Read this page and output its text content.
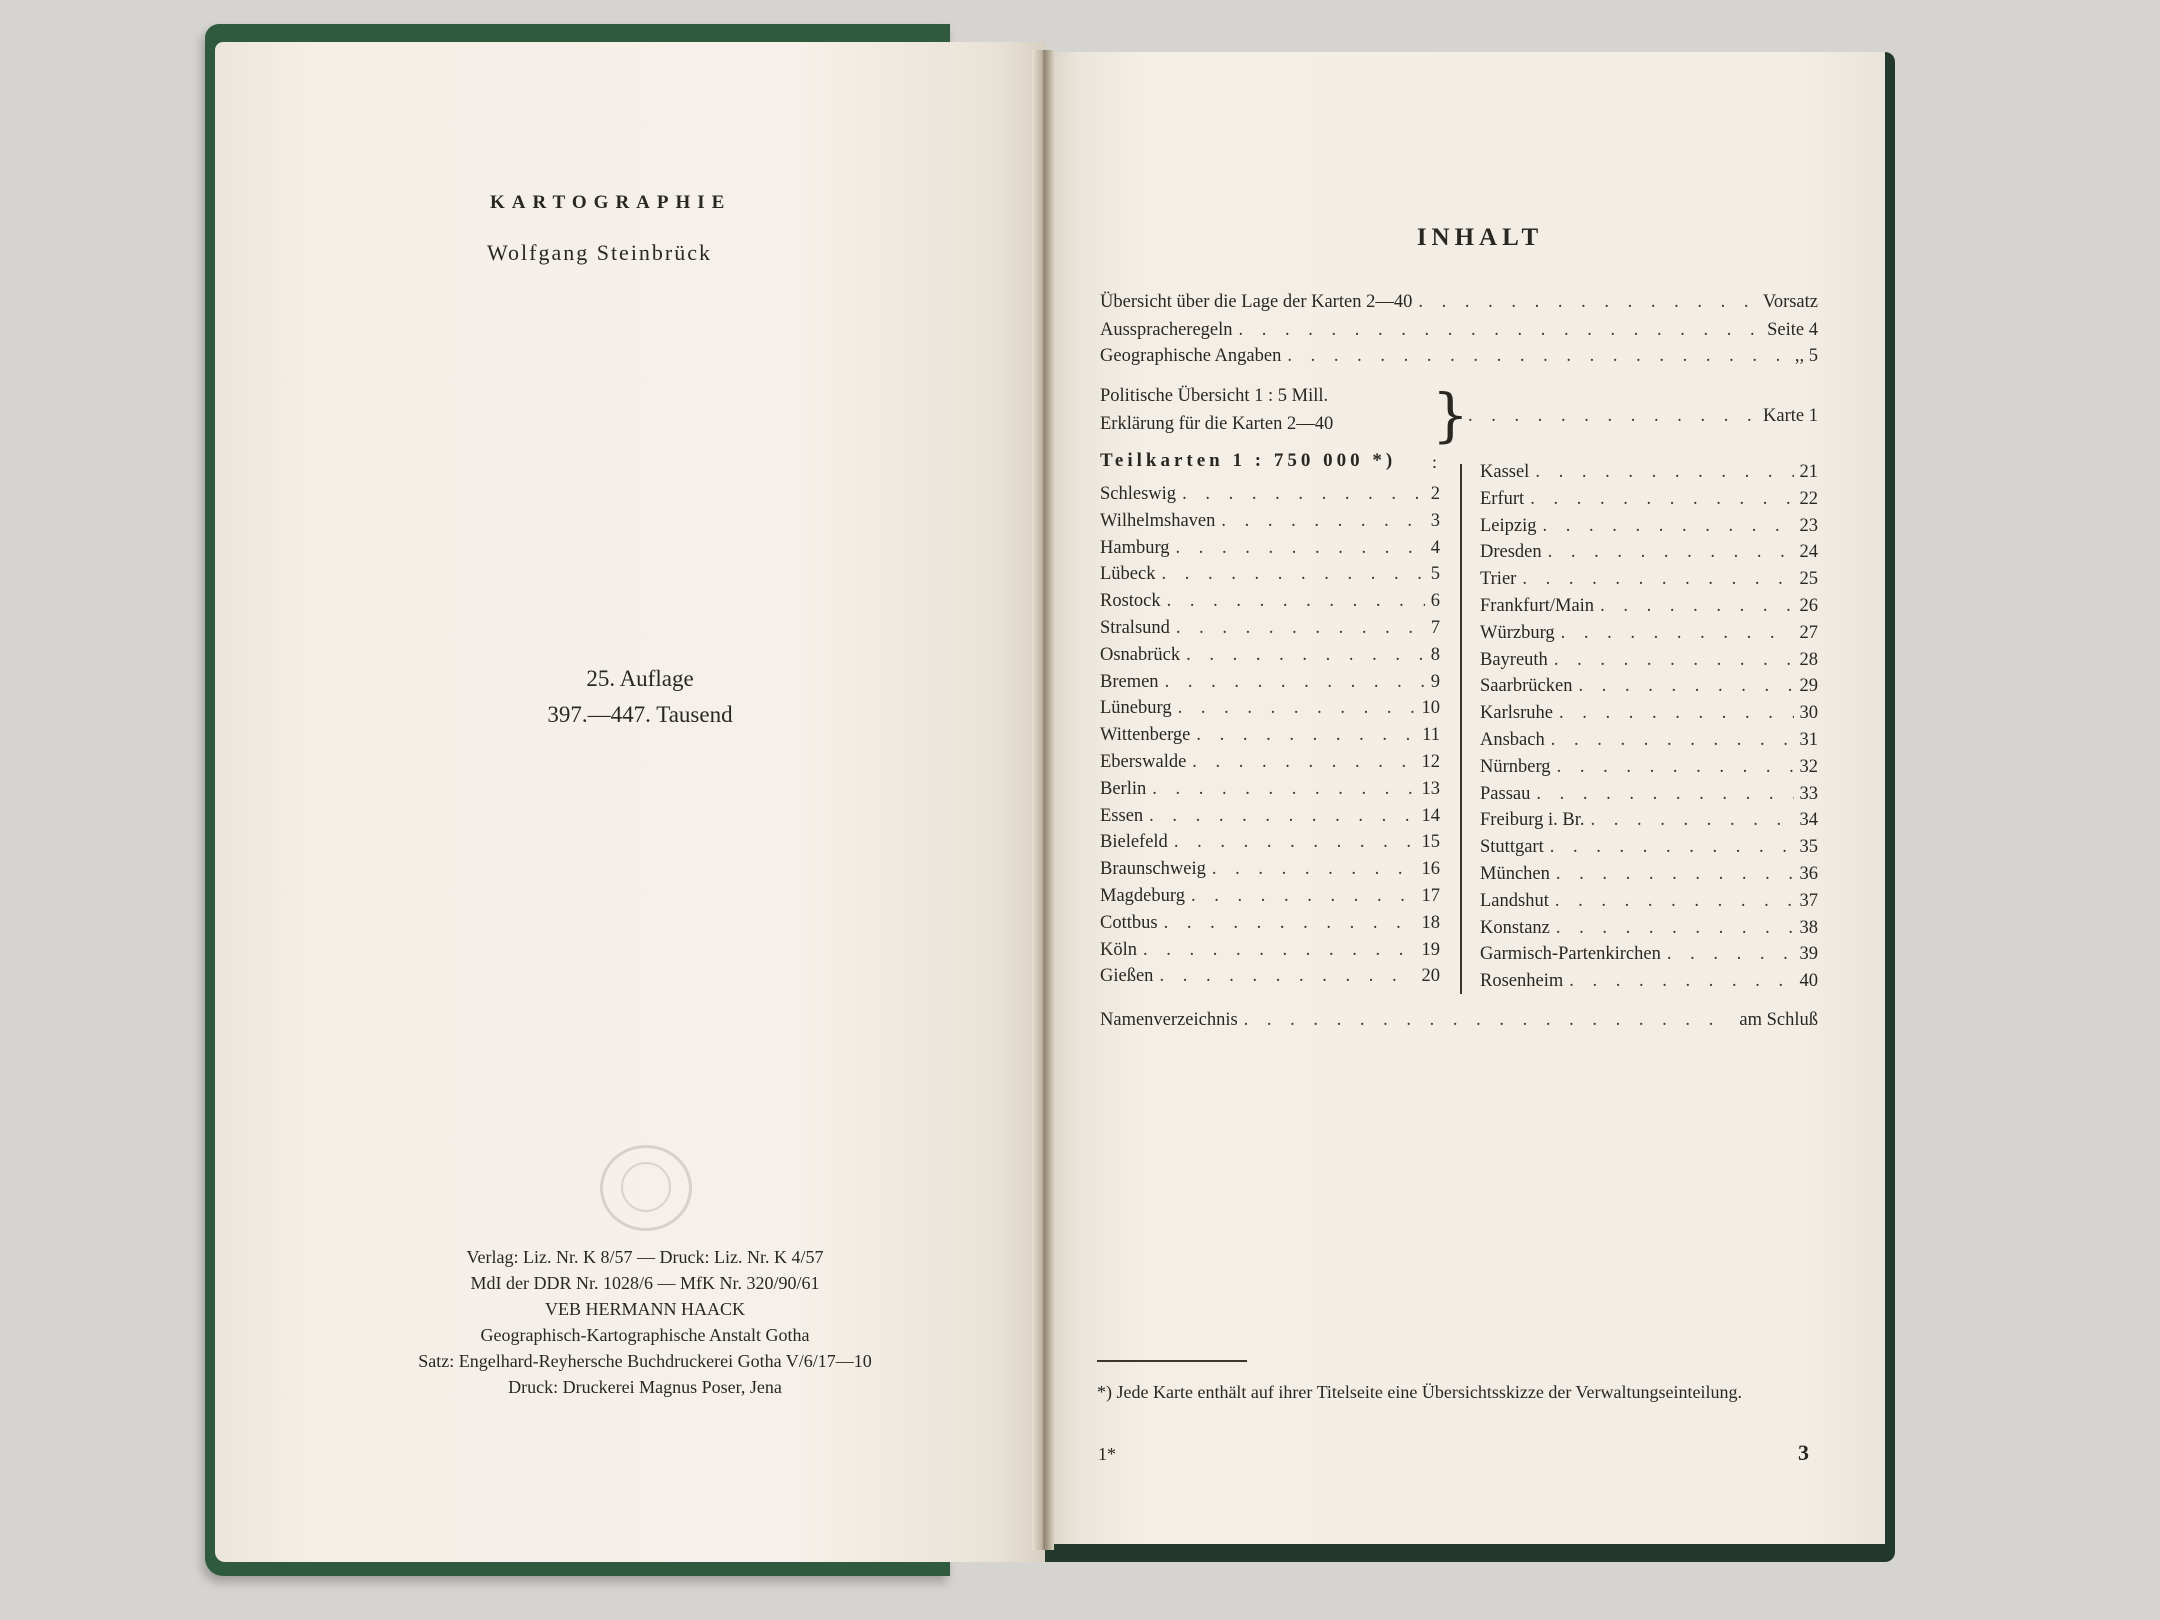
KARTOGRAPHIE
Wolfgang Steinbrück
25. Auflage
397.—447. Tausend
Verlag: Liz. Nr. K 8/57 — Druck: Liz. Nr. K 4/57
MdI der DDR Nr. 1028/6 — MfK Nr. 320/90/61
VEB HERMANN HAACK
Geographisch-Kartographische Anstalt Gotha
Satz: Engelhard-Reyhersche Buchdruckerei Gotha V/6/17—10
Druck: Druckerei Magnus Poser, Jena
INHALT
Übersicht über die Lage der Karten 2—40 . . .	Vorsatz
Ausspracheregeln . . .	Seite 4
Geographische Angaben . . .	,, 5
Politische Übersicht 1 : 5 Mill.
Erklärung für die Karten 2—40 } . . .	Karte 1
Teilkarten 1 : 750 000 *) :
Schleswig . . .	2
Wilhelmshaven . . .	3
Hamburg . . .	4
Lübeck . . .	5
Rostock . . .	6
Stralsund . . .	7
Osnabrück . . .	8
Bremen . . .	9
Lüneburg . . .	10
Wittenberge . . .	11
Eberswalde . . .	12
Berlin . . .	13
Essen . . .	14
Bielefeld . . .	15
Braunschweig . . .	16
Magdeburg . . .	17
Cottbus . . .	18
Köln . . .	19
Gießen . . .	20
Kassel . . .	21
Erfurt . . .	22
Leipzig . . .	23
Dresden . . .	24
Trier . . .	25
Frankfurt/Main . . .	26
Würzburg . . .	27
Bayreuth . . .	28
Saarbrücken . . .	29
Karlsruhe . . .	30
Ansbach . . .	31
Nürnberg . . .	32
Passau . . .	33
Freiburg i. Br. . . .	34
Stuttgart . . .	35
München . . .	36
Landshut . . .	37
Konstanz . . .	38
Garmisch-Partenkirchen . . .	39
Rosenheim . . .	40
Namenverzeichnis . . .	am Schluß
*) Jede Karte enthält auf ihrer Titelseite eine Übersichtsskizze der Verwaltungseinteilung.
1*	3
